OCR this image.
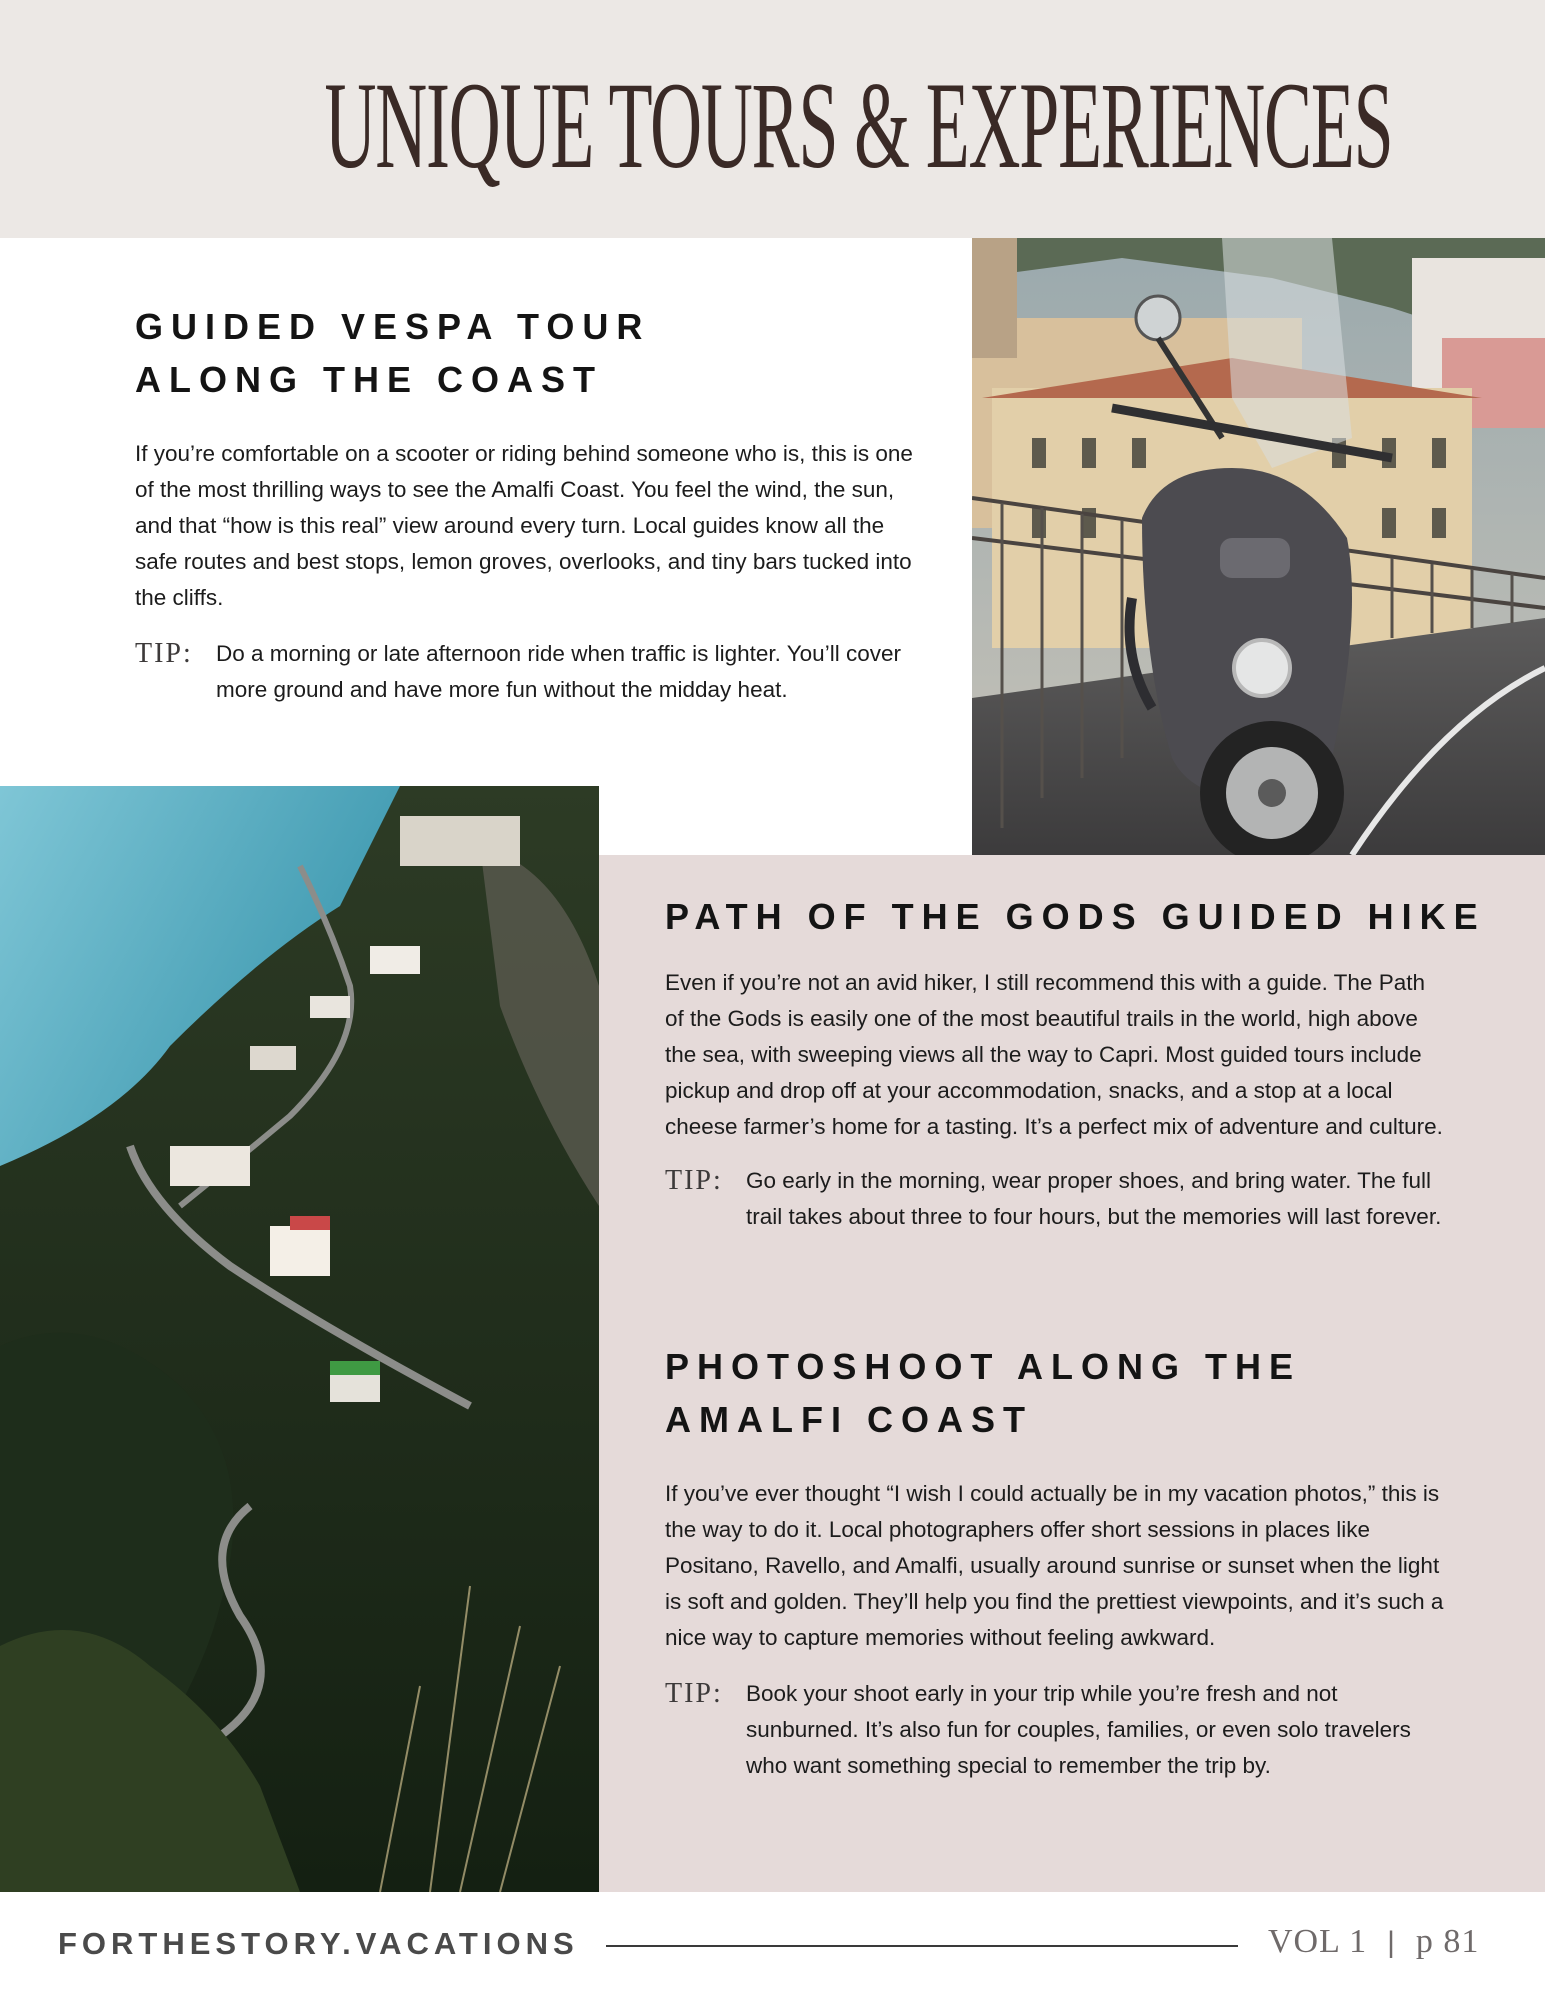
UNIQUE TOURS & EXPERIENCES
GUIDED VESPA TOUR
ALONG THE COAST

If you’re comfortable on a scooter or riding behind someone who is, this is one of the most thrilling ways to see the Amalfi Coast. You feel the wind, the sun, and that “how is this real” view around every turn. Local guides know all the safe routes and best stops, lemon groves, overlooks, and tiny bars tucked into the cliffs.

TIP: Do a morning or late afternoon ride when traffic is lighter. You’ll cover more ground and have more fun without the midday heat.

PATH OF THE GODS GUIDED HIKE

Even if you’re not an avid hiker, I still recommend this with a guide. The Path of the Gods is easily one of the most beautiful trails in the world, high above the sea, with sweeping views all the way to Capri. Most guided tours include pickup and drop off at your accommodation, snacks, and a stop at a local cheese farmer’s home for a tasting. It’s a perfect mix of adventure and culture.

TIP: Go early in the morning, wear proper shoes, and bring water. The full trail takes about three to four hours, but the memories will last forever.

PHOTOSHOOT ALONG THE
AMALFI COAST

If you’ve ever thought “I wish I could actually be in my vacation photos,” this is the way to do it. Local photographers offer short sessions in places like Positano, Ravello, and Amalfi, usually around sunrise or sunset when the light is soft and golden. They’ll help you find the prettiest viewpoints, and it’s such a nice way to capture memories without feeling awkward.

TIP: Book your shoot early in your trip while you’re fresh and not sunburned. It’s also fun for couples, families, or even solo travelers who want something special to remember the trip by.

FORTHESTORY.VACATIONS	VOL 1 | p 81
